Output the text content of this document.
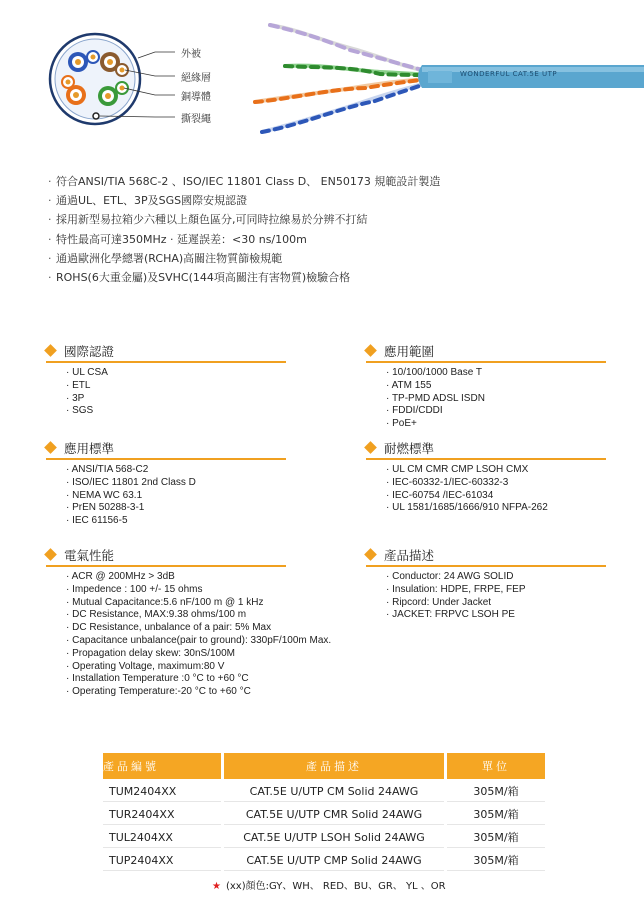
WONDERFUL CAT.5E UTP
外被
絕緣層
銅導體
撕裂繩
· 符合ANSI/TIA 568C-2 、ISO/IEC 11801 Class D、 EN50173 規範設計製造
· 通過UL、ETL、3P及SGS國際安規認證
· 採用新型易拉箱少六種以上顏色區分,可同時拉線易於分辨不打結
· 特性最高可達350MHz · 延遲誤差：<30 ns/100m
· 通過歐洲化學總署(RCHA)高關注物質篩檢規範
· ROHS(6大重金屬)及SVHC(144項高關注有害物質)檢驗合格
國際認證
· UL CSA
· ETL
· 3P
· SGS
應用範圍
· 10/100/1000 Base T
· ATM 155
· TP-PMD ADSL ISDN
· FDDI/CDDI
· PoE+
應用標準
· ANSI/TIA 568-C2
· ISO/IEC 11801 2nd Class D
· NEMA WC 63.1
· PrEN 50288-3-1
· IEC 61156-5
耐燃標準
· UL CM CMR CMP LSOH CMX
· IEC-60332-1/IEC-60332-3
· IEC-60754 /IEC-61034
· UL 1581/1685/1666/910 NFPA-262
電氣性能
· ACR @ 200MHz > 3dB
· Impedence : 100 +/- 15 ohms
· Mutual Capacitance:5.6 nF/100 m @ 1 kHz
· DC Resistance, MAX:9.38 ohms/100 m
· DC Resistance, unbalance of a pair: 5% Max
· Capacitance unbalance(pair to ground): 330pF/100m Max.
· Propagation delay skew: 30nS/100M
· Operating Voltage, maximum:80 V
· Installation Temperature :0 °C to +60 °C
· Operating Temperature:-20 °C to +60 °C
產品描述
· Conductor: 24 AWG SOLID
· Insulation: HDPE, FRPE, FEP
· Ripcord: Under Jacket
· JACKET: FRPVC LSOH PE
產品編號		產品描述		單位
TUM2404XX		CAT.5E U/UTP CM Solid 24AWG		305M/箱
TUR2404XX		CAT.5E U/UTP CMR Solid 24AWG		305M/箱
TUL2404XX		CAT.5E U/UTP LSOH Solid 24AWG		305M/箱
TUP2404XX		CAT.5E U/UTP CMP Solid 24AWG		305M/箱
★ (xx)顏色:GY、WH、 RED、BU、GR、 YL 、OR
